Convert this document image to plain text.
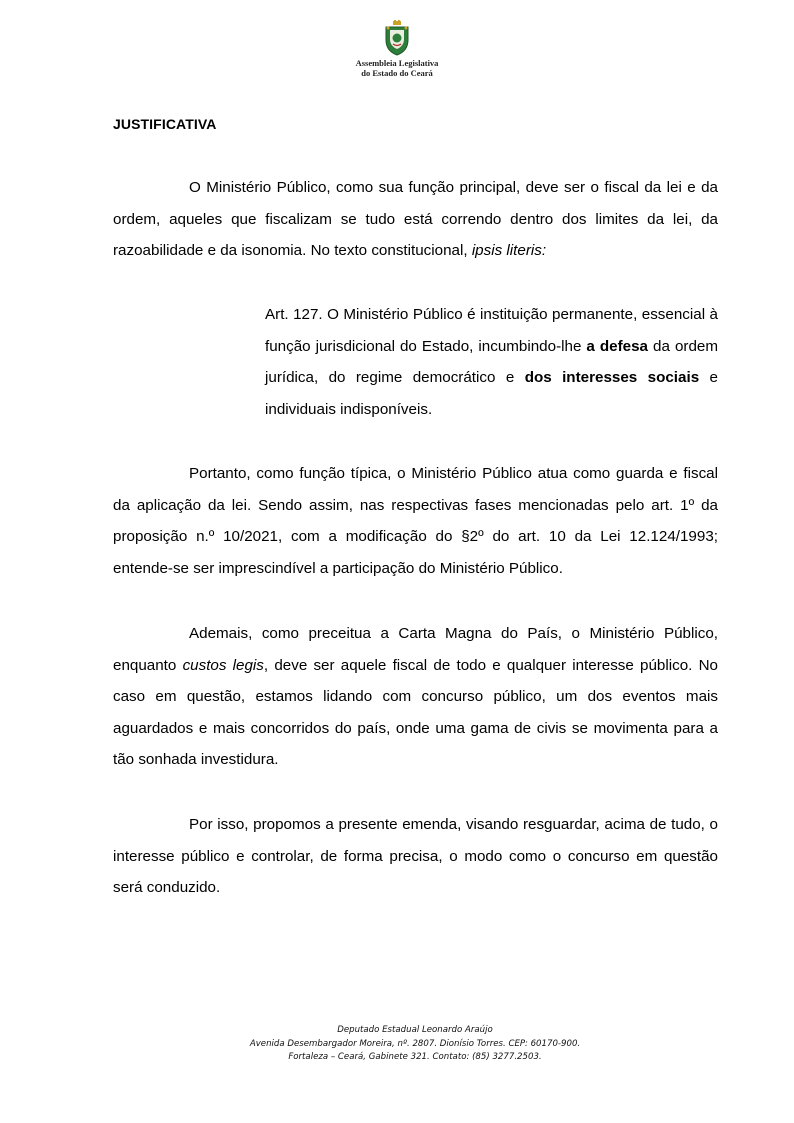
Assembleia Legislativa
do Estado do Ceará
JUSTIFICATIVA

O Ministério Público, como sua função principal, deve ser o fiscal da lei e da ordem, aqueles que fiscalizam se tudo está correndo dentro dos limites da lei, da razoabilidade e da isonomia. No texto constitucional, ipsis literis:

Art. 127. O Ministério Público é instituição permanente, essencial à função jurisdicional do Estado, incumbindo-lhe a defesa da ordem jurídica, do regime democrático e dos interesses sociais e individuais indisponíveis.

Portanto, como função típica, o Ministério Público atua como guarda e fiscal da aplicação da lei. Sendo assim, nas respectivas fases mencionadas pelo art. 1º da proposição n.º 10/2021, com a modificação do §2º do art. 10 da Lei 12.124/1993; entende-se ser imprescindível a participação do Ministério Público.

Ademais, como preceitua a Carta Magna do País, o Ministério Público, enquanto custos legis, deve ser aquele fiscal de todo e qualquer interesse público. No caso em questão, estamos lidando com concurso público, um dos eventos mais aguardados e mais concorridos do país, onde uma gama de civis se movimenta para a tão sonhada investidura.

Por isso, propomos a presente emenda, visando resguardar, acima de tudo, o interesse público e controlar, de forma precisa, o modo como o concurso em questão será conduzido.

Deputado Estadual Leonardo Araújo
Avenida Desembargador Moreira, nº. 2807. Dionísio Torres. CEP: 60170-900.
Fortaleza – Ceará, Gabinete 321. Contato: (85) 3277.2503.
